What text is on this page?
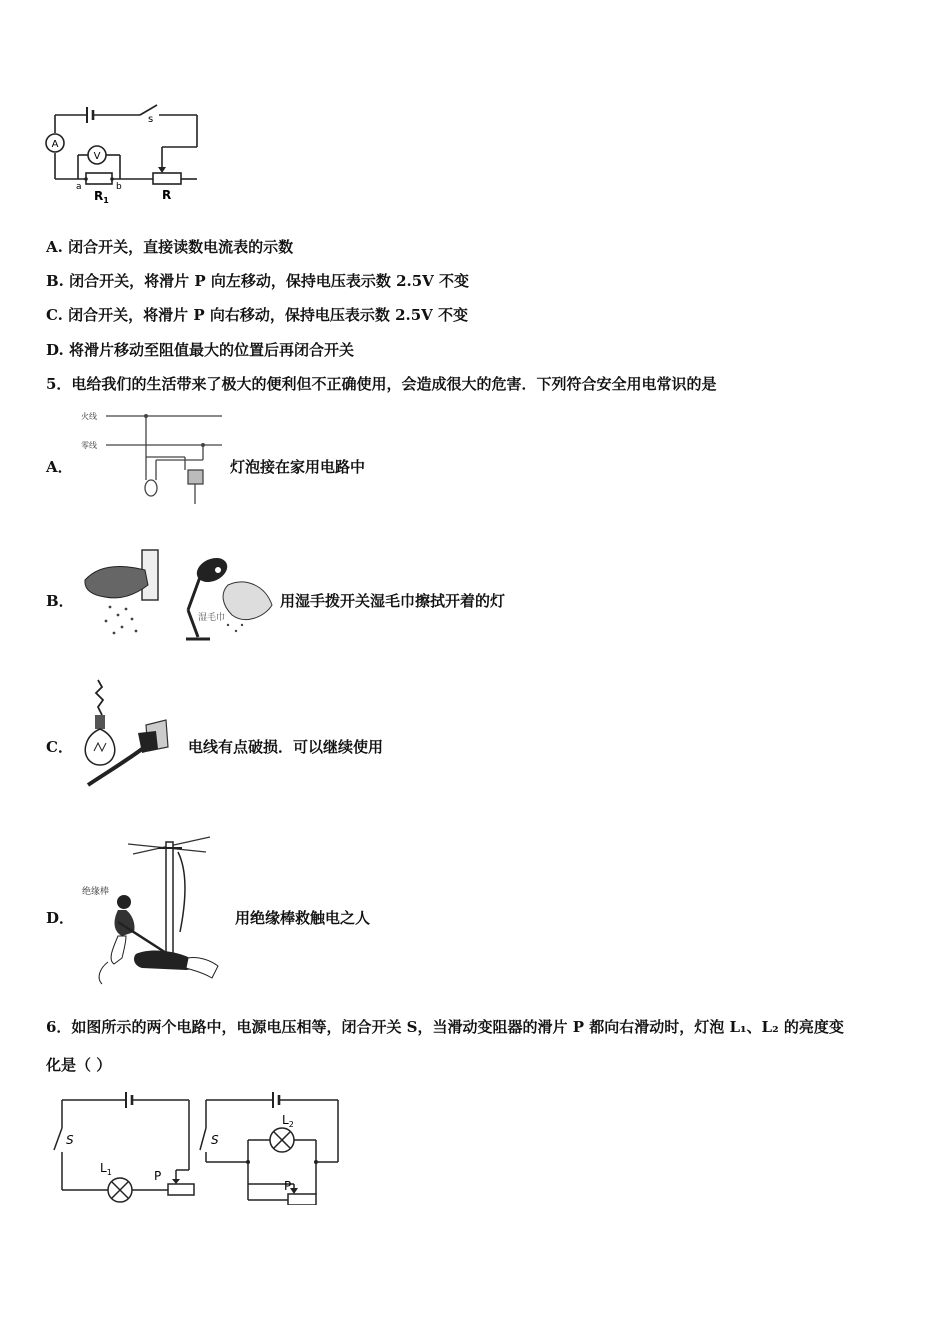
A
V
s
a	b
$R_1$	R
A. 闭合开关，直接读数电流表的示数
B. 闭合开关，将滑片 P 向左移动，保持电压表示数 2.5V 不变
C. 闭合开关，将滑片 P 向右移动，保持电压表示数 2.5V 不变
D. 将滑片移动至阻值最大的位置后再闭合开关
5．电给我们的生活带来了极大的便利但不正确使用，会造成很大的危害．下列符合安全用电常识的是
A．
火线
零线
灯泡接在家用电路中
B．
湿毛巾
用湿手拨开关湿毛巾擦拭开着的灯
C．	电线有点破损．可以继续使用
D．
绝缘棒
用绝缘棒救触电之人
6．如图所示的两个电路中，电源电压相等，闭合开关 S，当滑动变阻器的滑片 P 都向右滑动时，灯泡 L₁、L₂ 的亮度变
化是（ ）
S
$L_1$	P
S
$L_2$
P
